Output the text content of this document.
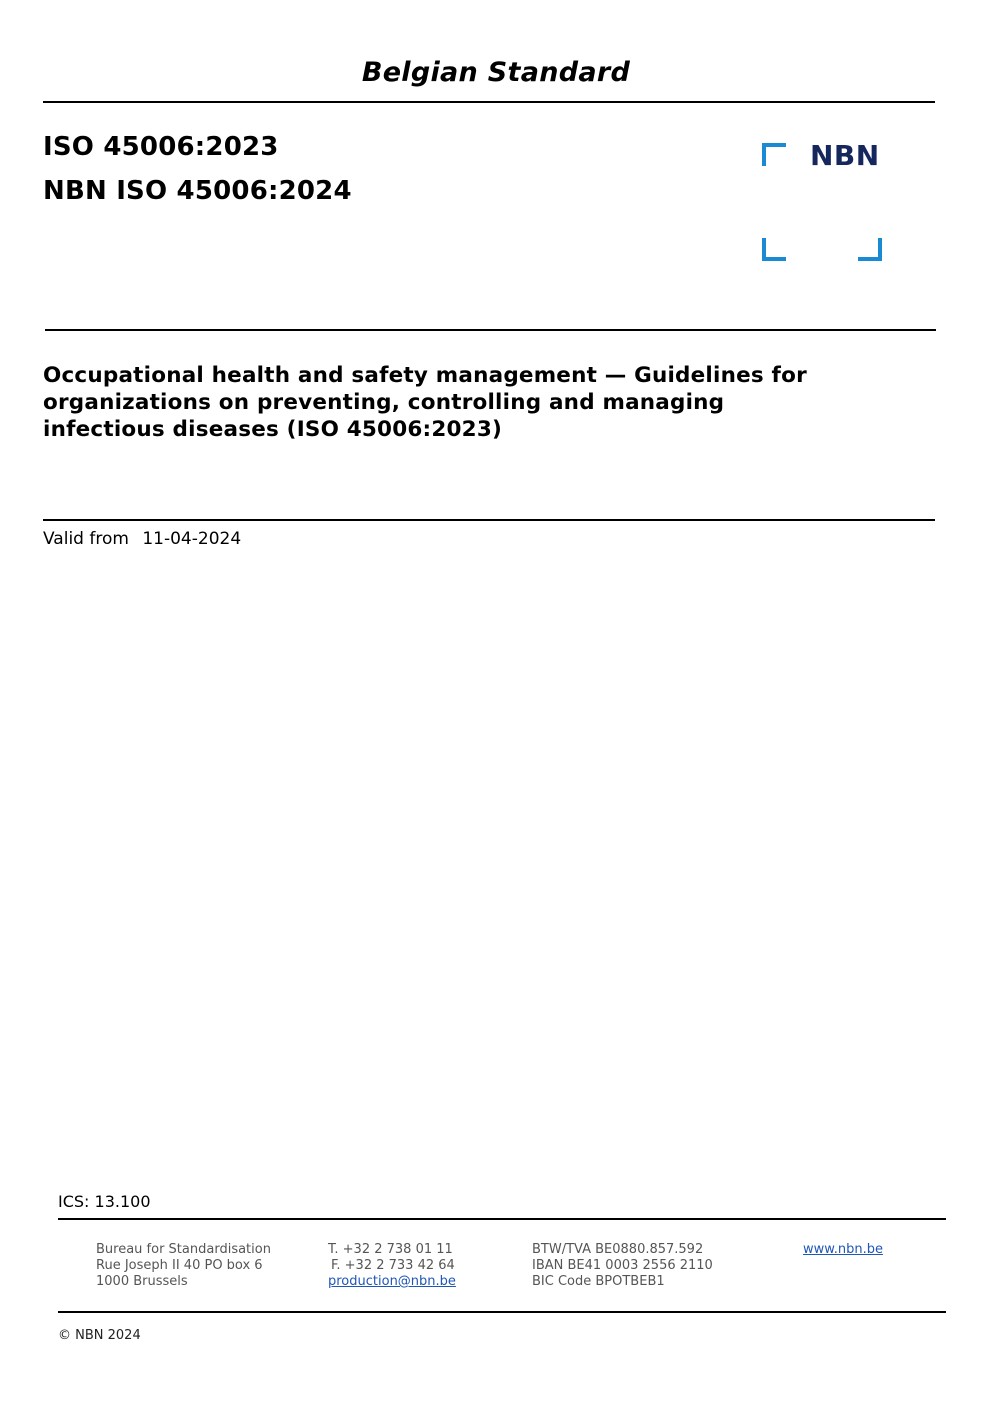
Belgian Standard
ISO 45006:2023
NBN ISO 45006:2024
NBN
Occupational health and safety management — Guidelines for
organizations on preventing, controlling and managing
infectious diseases (ISO 45006:2023)
Valid from 11-04-2024
ICS: 13.100
Bureau for Standardisation
Rue Joseph II 40 PO box 6
1000 Brussels
T. +32 2 738 01 11
F. +32 2 733 42 64
production@nbn.be
BTW/TVA BE0880.857.592
IBAN BE41 0003 2556 2110
BIC Code BPOTBEB1
www.nbn.be
© NBN 2024
